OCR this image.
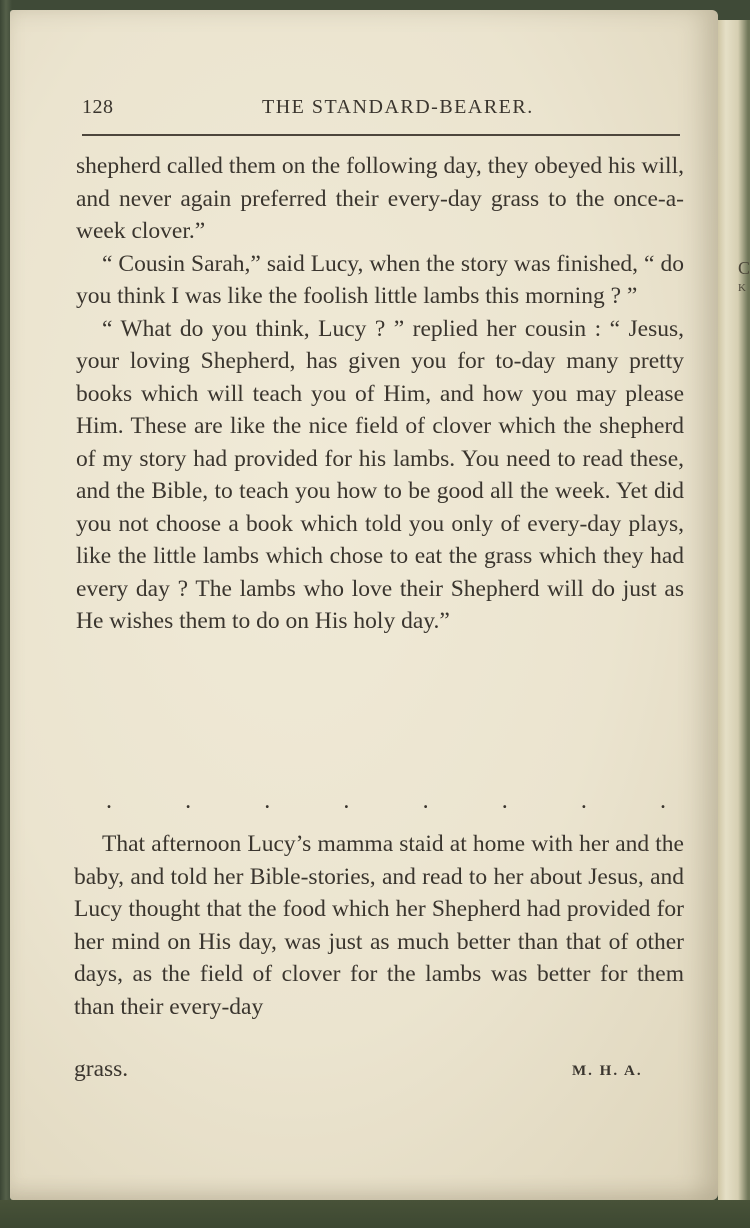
128	THE STANDARD-BEARER.

shepherd called them on the following day, they obeyed his will, and never again preferred their every-day grass to the once-a-week clover.”

“ Cousin Sarah,” said Lucy, when the story was finished, “ do you think I was like the foolish little lambs this morning ? ”

“ What do you think, Lucy ? ” replied her cousin : “ Jesus, your loving Shepherd, has given you for to-day many pretty books which will teach you of Him, and how you may please Him. These are like the nice field of clover which the shepherd of my story had provided for his lambs. You need to read these, and the Bible, to teach you how to be good all the week. Yet did you not choose a book which told you only of every-day plays, like the little lambs which chose to eat the grass which they had every day ? The lambs who love their Shepherd will do just as He wishes them to do on His holy day.”

.	.	.	.	.	.	.	.

That afternoon Lucy’s mamma staid at home with her and the baby, and told her Bible-stories, and read to her about Jesus, and Lucy thought that the food which her Shepherd had provided for her mind on His day, was just as much better than that of other days, as the field of clover for the lambs was better for them than their every-day

grass.	M. H. A.
C
K
